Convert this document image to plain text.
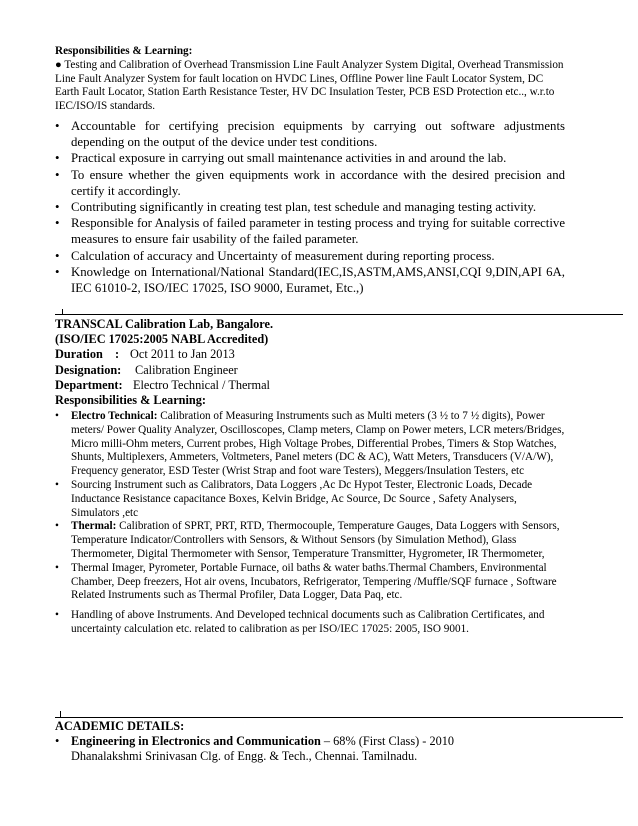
Responsibilities & Learning:
● Testing and Calibration of Overhead Transmission Line Fault Analyzer System Digital, Overhead Transmission Line Fault Analyzer System for fault location on HVDC Lines, Offline Power line Fault Locator System, DC Earth Fault Locator, Station Earth Resistance Tester, HV DC Insulation Tester, PCB ESD Protection etc.., w.r.to IEC/ISO/IS standards.
• Accountable for certifying precision equipments by carrying out software adjustments depending on the output of the device under test conditions.
• Practical exposure in carrying out small maintenance activities in and around the lab.
• To ensure whether the given equipments work in accordance with the desired precision and certify it accordingly.
• Contributing significantly in creating test plan, test schedule and managing testing activity.
• Responsible for Analysis of failed parameter in testing process and trying for suitable corrective measures to ensure fair usability of the failed parameter.
• Calculation of accuracy and Uncertainty of measurement during reporting process.
• Knowledge on International/National Standard(IEC,IS,ASTM,AMS,ANSI,CQI 9,DIN,API 6A, IEC 61010-2, ISO/IEC 17025, ISO 9000, Euramet, Etc.,)
TRANSCAL Calibration Lab, Bangalore.
(ISO/IEC 17025:2005 NABL Accredited)
Duration : Oct 2011 to Jan 2013
Designation: Calibration Engineer
Department: Electro Technical / Thermal
Responsibilities & Learning:
• Electro Technical: Calibration of Measuring Instruments such as Multi meters (3 ½ to 7 ½ digits), Power meters/ Power Quality Analyzer, Oscilloscopes, Clamp meters, Clamp on Power meters, LCR meters/Bridges, Micro milli-Ohm meters, Current probes, High Voltage Probes, Differential Probes, Timers & Stop Watches, Shunts, Multiplexers, Ammeters, Voltmeters, Panel meters (DC & AC), Watt Meters, Transducers (V/A/W), Frequency generator, ESD Tester (Wrist Strap and foot ware Testers), Meggers/Insulation Testers, etc
• Sourcing Instrument such as Calibrators, Data Loggers ,Ac Dc Hypot Tester, Electronic Loads, Decade Inductance Resistance capacitance Boxes, Kelvin Bridge, Ac Source, Dc Source , Safety Analysers, Simulators ,etc
• Thermal: Calibration of SPRT, PRT, RTD, Thermocouple, Temperature Gauges, Data Loggers with Sensors, Temperature Indicator/Controllers with Sensors, & Without Sensors (by Simulation Method), Glass Thermometer, Digital Thermometer with Sensor, Temperature Transmitter, Hygrometer, IR Thermometer,
• Thermal Imager, Pyrometer, Portable Furnace, oil baths & water baths.Thermal Chambers, Environmental Chamber, Deep freezers, Hot air ovens, Incubators, Refrigerator, Tempering /Muffle/SQF furnace , Software Related Instruments such as Thermal Profiler, Data Logger, Data Paq, etc.
• Handling of above Instruments. And Developed technical documents such as Calibration Certificates, and uncertainty calculation etc. related to calibration as per ISO/IEC 17025: 2005, ISO 9001.
ACADEMIC DETAILS:
• Engineering in Electronics and Communication – 68% (First Class) - 2010
Dhanalakshmi Srinivasan Clg. of Engg. & Tech., Chennai. Tamilnadu.
